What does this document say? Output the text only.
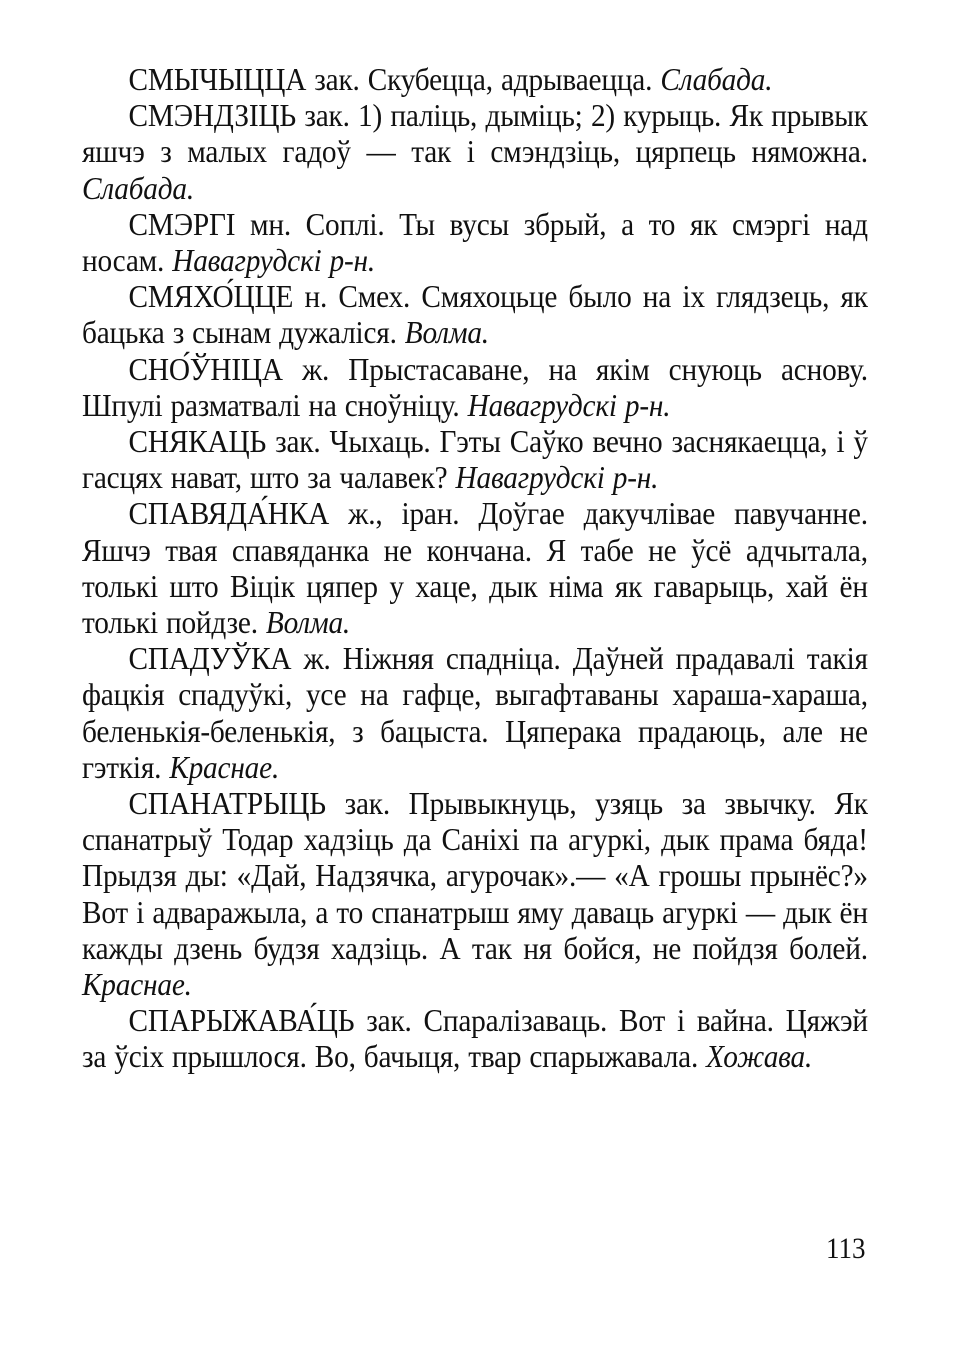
СМЫЧЫЦЦА зак. Скубецца, адрываецца. Слабада.

СМЭНДЗІЦЬ зак. 1) паліць, дыміць; 2) курыць. Як прывык яшчэ з малых гадоў — так і смэндзіць, цярпець няможна. Слабада.

СМЭРГІ мн. Соплі. Ты вусы збрый, а то як смэргі над носам. Навагрудскі р-н.

СМЯХО́ЦЦЕ н. Смех. Смяхоцьце было на іх глядзець, як бацька з сынам дужаліся. Волма.

СНО́ЎНІЦА ж. Прыстасаване, на якім снуюць аснову. Шпулі разматвалі на сноўніцу. Навагрудскі р-н.

СНЯКАЦЬ зак. Чыхаць. Гэты Саўко вечно заснякаецца, і ў гасцях нават, што за чалавек? Навагрудскі р-н.

СПАВЯДА́НКА ж., іран. Доўгае дакучлівае павучанне. Яшчэ твая спавяданка не кончана. Я табе не ўсё адчытала, толькі што Віцік цяпер у хаце, дык німа як гаварыць, хай ён толькі пойдзе. Волма.

СПАДУЎКА ж. Ніжняя спадніца. Даўней прадавалі такія фацкія спадуўкі, усе на гафце, выгафтаваны хараша-хараша, беленькія-беленькія, з бацыста. Цяперака прадаюць, але не гэткія. Краснае.

СПАНАТРЫЦЬ зак. Прывыкнуць, узяць за звычку. Як спанатрыў Тодар хадзіць да Саніхі па агуркі, дык прама бяда! Прыдзя ды: «Дай, Надзячка, агурочак».— «А грошы прынёс?» Вот і адваражыла, а то спанатрыш яму даваць агуркі — дык ён кажды дзень будзя хадзіць. А так ня бойся, не пойдзя болей. Краснае.

СПАРЫЖАВА́ЦЬ зак. Спаралізаваць. Вот і вайна. Цяжэй за ўсіх прышлося. Во, бачыця, твар спарыжавала. Хожава.

113
